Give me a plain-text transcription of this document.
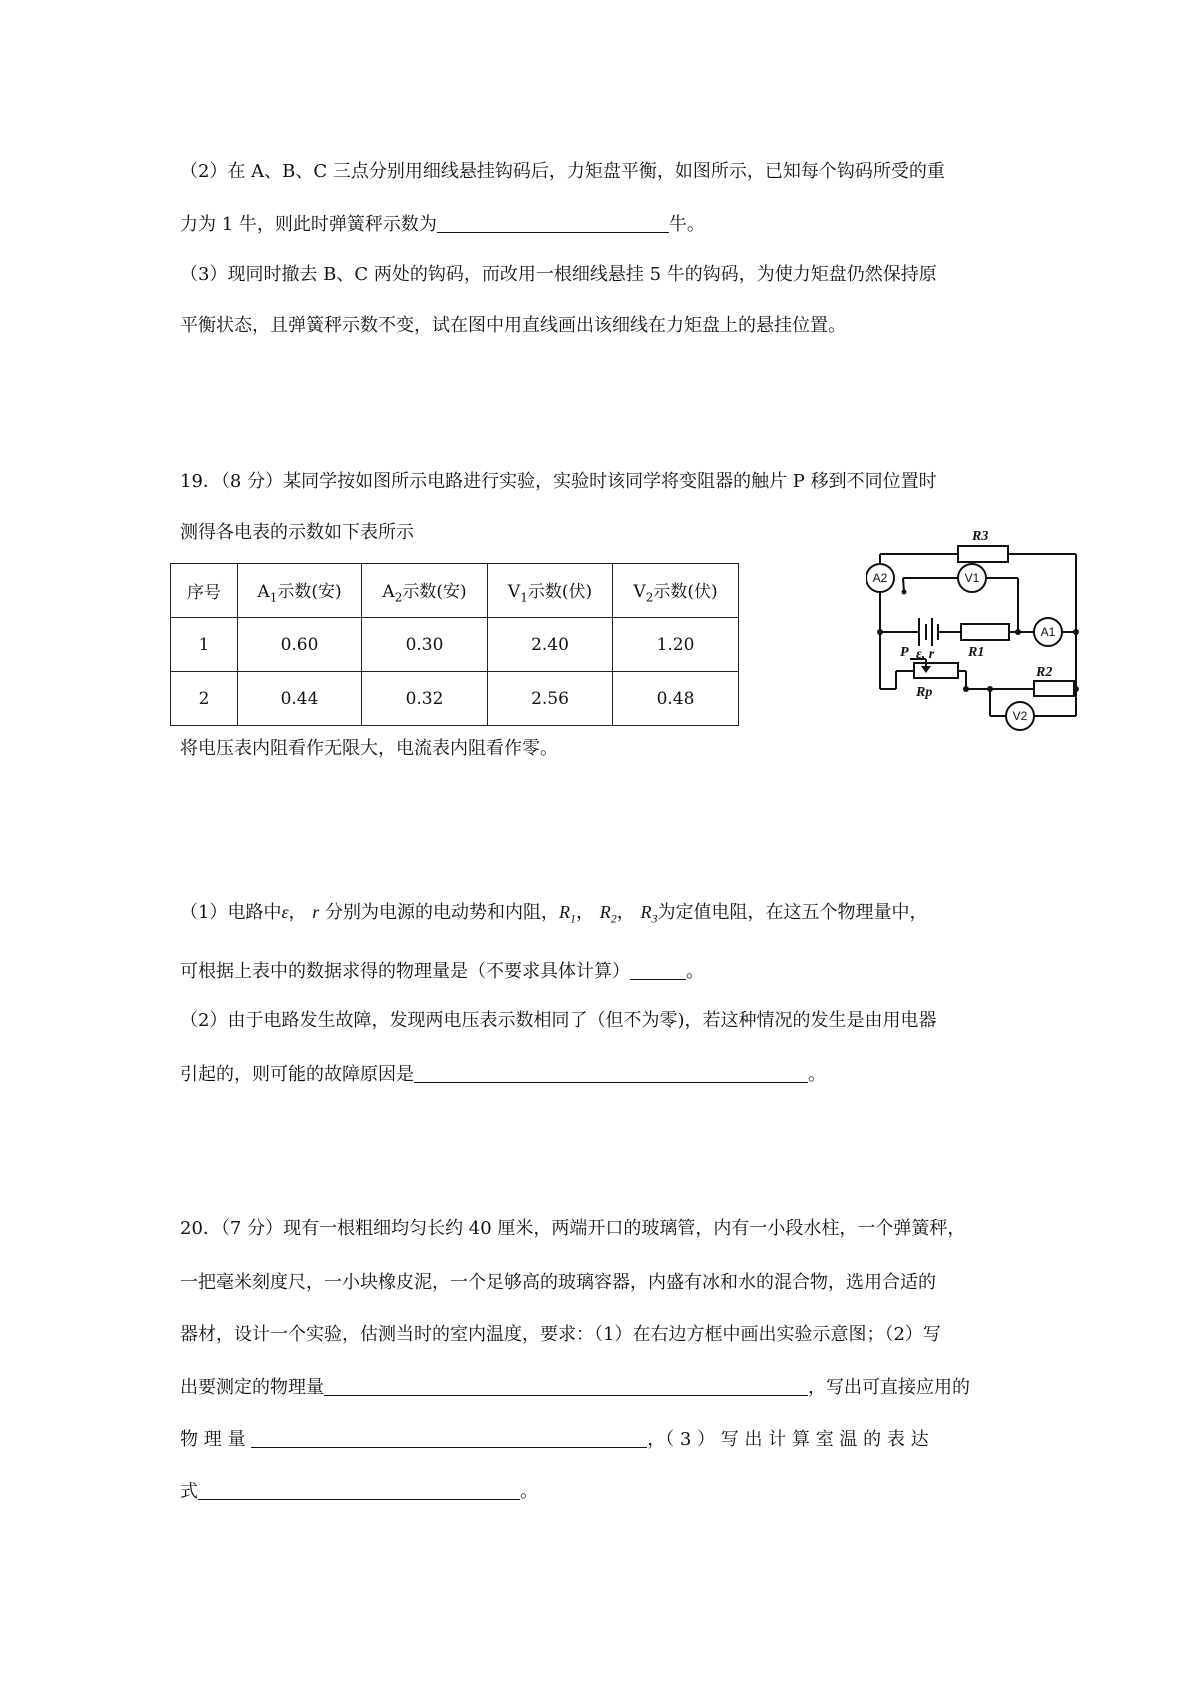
（2）在 A、B、C 三点分别用细线悬挂钩码后，力矩盘平衡，如图所示，已知每个钩码所受的重
力为 1 牛，则此时弹簧秤示数为	牛。
（3）现同时撤去 B、C 两处的钩码，而改用一根细线悬挂 5 牛的钩码，为使力矩盘仍然保持原
平衡状态，且弹簧秤示数不变，试在图中用直线画出该细线在力矩盘上的悬挂位置。
19．（8 分）某同学按如图所示电路进行实验，实验时该同学将变阻器的触片 P 移到不同位置时
测得各电表的示数如下表所示
序号	$A_1$示数(安)	$A_2$示数(安)	$V_1$示数(伏)	$V_2$示数(伏)
1	0.60	0.30	2.40	1.20
2	0.44	0.32	2.56	0.48
将电压表内阻看作无限大，电流表内阻看作零。
R3
R1
R2
Rp
P ε, r
A2	V1
A1
V2
（1）电路中ε， r 分别为电源的电动势和内阻，$R_1$， $R_2$， $R_3$为定值电阻，在这五个物理量中，
可根据上表中的数据求得的物理量是（不要求具体计算）	。
（2）由于电路发生故障，发现两电压表示数相同了（但不为零)，若这种情况的发生是由用电器
引起的，则可能的故障原因是	。
20．（7 分）现有一根粗细均匀长约 40 厘米，两端开口的玻璃管，内有一小段水柱，一个弹簧秤，
一把毫米刻度尺，一小块橡皮泥，一个足够高的玻璃容器，内盛有冰和水的混合物，选用合适的
器材，设计一个实验，估测当时的室内温度，要求：（1）在右边方框中画出实验示意图；（2）写
出要测定的物理量	，写出可直接应用的
物 理 量	，（ 3 ） 写 出 计 算 室 温 的 表 达
式	。
